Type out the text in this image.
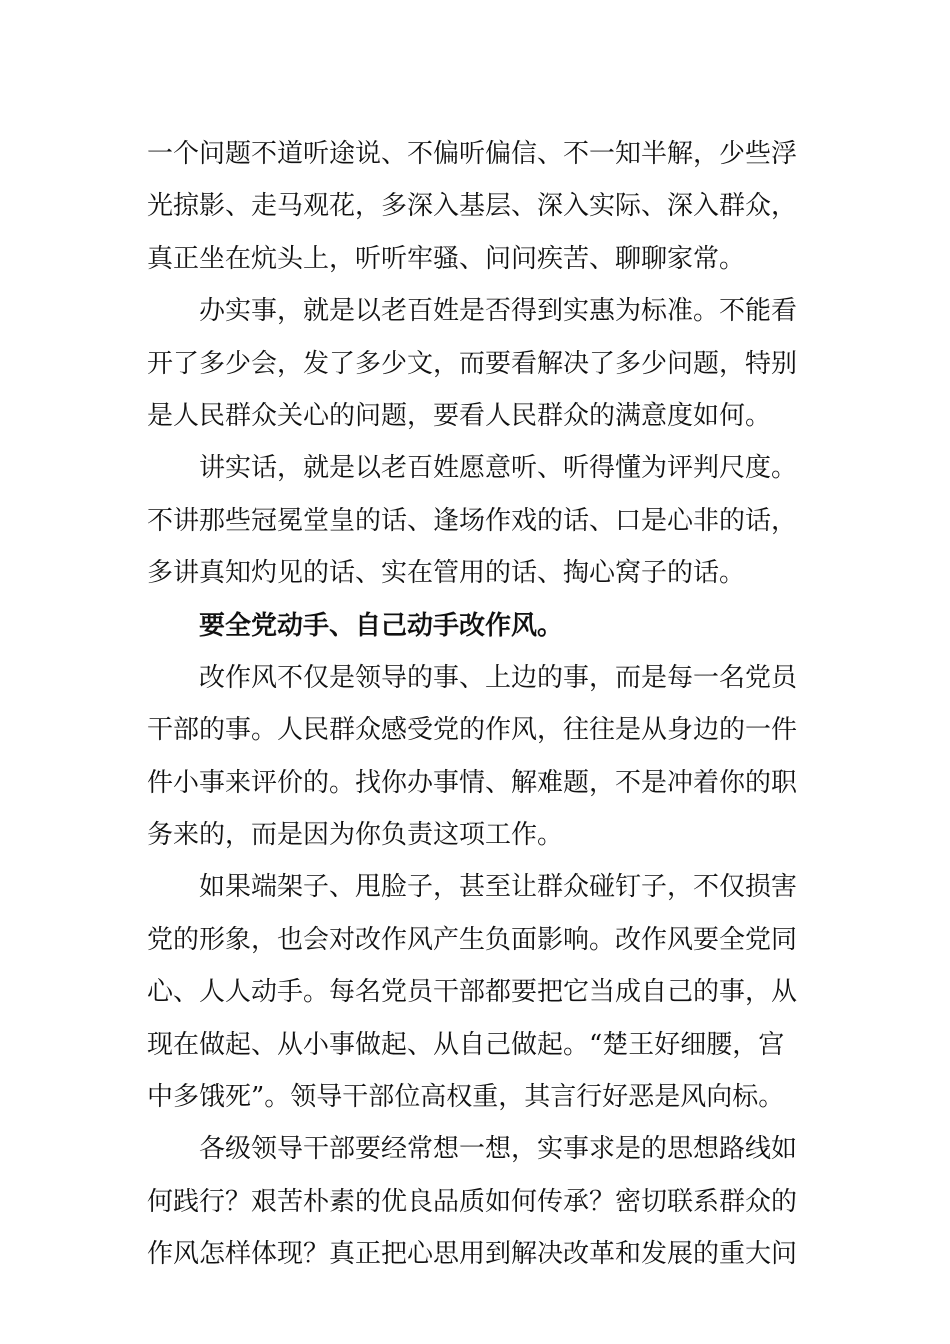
一个问题不道听途说、不偏听偏信、不一知半解，少些浮
光掠影、走马观花，多深入基层、深入实际、深入群众，
真正坐在炕头上，听听牢骚、问问疾苦、聊聊家常。
办实事，就是以老百姓是否得到实惠为标准。不能看
开了多少会，发了多少文，而要看解决了多少问题，特别
是人民群众关心的问题，要看人民群众的满意度如何。
讲实话，就是以老百姓愿意听、听得懂为评判尺度。
不讲那些冠冕堂皇的话、逢场作戏的话、口是心非的话，
多讲真知灼见的话、实在管用的话、掏心窝子的话。
要全党动手、自己动手改作风。
改作风不仅是领导的事、上边的事，而是每一名党员
干部的事。人民群众感受党的作风，往往是从身边的一件
件小事来评价的。找你办事情、解难题，不是冲着你的职
务来的，而是因为你负责这项工作。
如果端架子、甩脸子，甚至让群众碰钉子，不仅损害
党的形象，也会对改作风产生负面影响。改作风要全党同
心、人人动手。每名党员干部都要把它当成自己的事，从
现在做起、从小事做起、从自己做起。“楚王好细腰，宫
中多饿死”。领导干部位高权重，其言行好恶是风向标。
各级领导干部要经常想一想，实事求是的思想路线如
何践行？艰苦朴素的优良品质如何传承？密切联系群众的
作风怎样体现？真正把心思用到解决改革和发展的重大问
